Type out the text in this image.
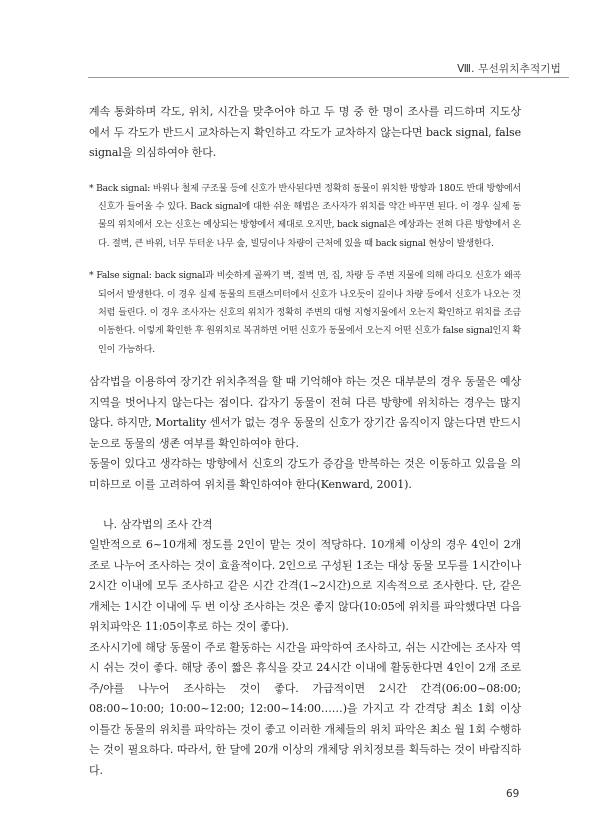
Ⅷ. 무선위치추적기법

계속 통화하며 각도, 위치, 시간을 맞추어야 하고 두 명 중 한 명이 조사를 리드하며 지도상에서 두 각도가 반드시 교차하는지 확인하고 각도가 교차하지 않는다면 back signal, false signal을 의심하여야 한다.

* Back signal: 바위나 철제 구조물 등에 신호가 반사된다면 정확히 동물이 위치한 방향과 180도 반대 방향에서 신호가 들어올 수 있다. Back signal에 대한 쉬운 해법은 조사자가 위치를 약간 바꾸면 된다. 이 경우 실제 동물의 위치에서 오는 신호는 예상되는 방향에서 제대로 오지만, back signal은 예상과는 전혀 다른 방향에서 온다. 절벽, 큰 바위, 너무 두터운 나무 숲, 빌딩이나 차량이 근처에 있을 때 back signal 현상이 발생한다.

* False signal: back signal과 비슷하게 골짜기 벽, 절벽 면, 집, 차량 등 주변 지물에 의해 라디오 신호가 왜곡되어서 발생한다. 이 경우 실제 동물의 트랜스미터에서 신호가 나오듯이 깊이나 차량 등에서 신호가 나오는 것처럼 들린다. 이 경우 조사자는 신호의 위치가 정확히 주변의 대형 지형지물에서 오는지 확인하고 위치를 조금 이동한다. 이렇게 확인한 후 원위치로 복귀하면 어떤 신호가 동물에서 오는지 어떤 신호가 false signal인지 확인이 가능하다.

삼각법을 이용하여 장기간 위치추적을 할 때 기억해야 하는 것은 대부분의 경우 동물은 예상지역을 벗어나지 않는다는 점이다. 갑자기 동물이 전혀 다른 방향에 위치하는 경우는 많지 않다. 하지만, Mortality 센서가 없는 경우 동물의 신호가 장기간 움직이지 않는다면 반드시 눈으로 동물의 생존 여부를 확인하여야 한다.

동물이 있다고 생각하는 방향에서 신호의 강도가 증감을 반복하는 것은 이동하고 있음을 의미하므로 이를 고려하여 위치를 확인하여야 한다(Kenward, 2001).

나. 삼각법의 조사 간격

일반적으로 6~10개체 정도를 2인이 맡는 것이 적당하다. 10개체 이상의 경우 4인이 2개 조로 나누어 조사하는 것이 효율적이다. 2인으로 구성된 1조는 대상 동물 모두를 1시간이나 2시간 이내에 모두 조사하고 같은 시간 간격(1~2시간)으로 지속적으로 조사한다. 단, 같은 개체는 1시간 이내에 두 번 이상 조사하는 것은 좋지 않다(10:05에 위치를 파악했다면 다음 위치파악은 11:05이후로 하는 것이 좋다).

조사시기에 해당 동물이 주로 활동하는 시간을 파악하여 조사하고, 쉬는 시간에는 조사자 역시 쉬는 것이 좋다. 해당 종이 짧은 휴식을 갖고 24시간 이내에 활동한다면 4인이 2개 조로 주/야를 나누어 조사하는 것이 좋다. 가급적이면 2시간 간격(06:00~08:00; 08:00~10:00; 10:00~12:00; 12:00~14:00……)을 가지고 각 간격당 최소 1회 이상 이틀간 동물의 위치를 파악하는 것이 좋고 이러한 개체들의 위치 파악은 최소 월 1회 수행하는 것이 필요하다. 따라서, 한 달에 20개 이상의 개체당 위치정보를 획득하는 것이 바람직하다.

69
